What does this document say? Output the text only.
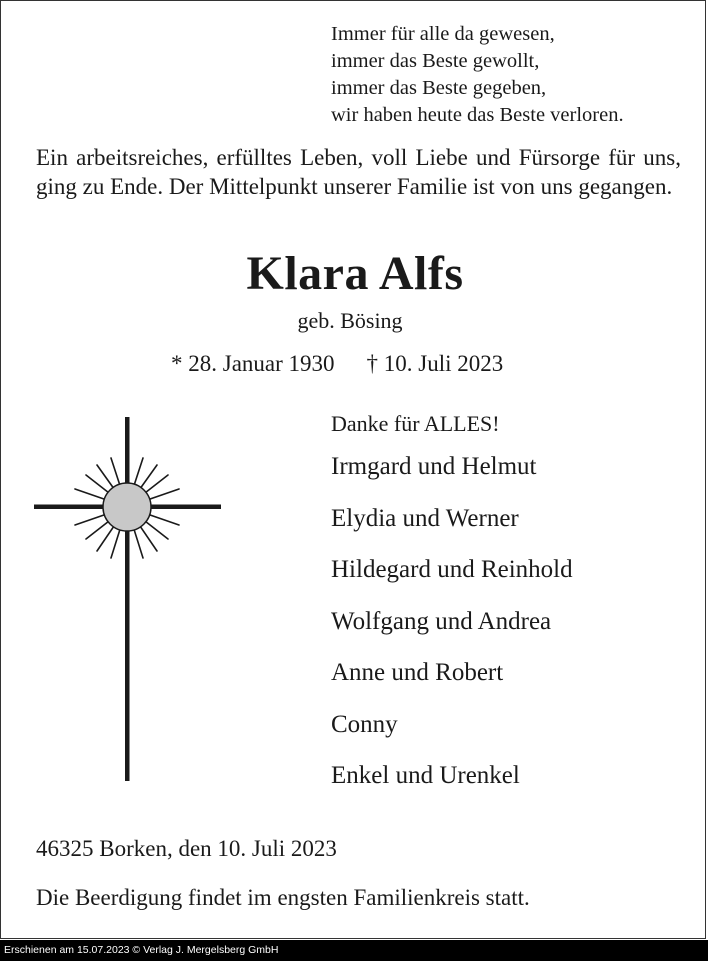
Immer für alle da gewesen,
immer das Beste gewollt,
immer das Beste gegeben,
wir haben heute das Beste verloren.
Ein arbeitsreiches, erfülltes Leben, voll Liebe und Fürsorge für uns, ging zu Ende. Der Mittelpunkt unserer Familie ist von uns gegangen.
Klara Alfs
geb. Bösing
* 28. Januar 1930 † 10. Juli 2023
Danke für ALLES!
Irmgard und Helmut
Elydia und Werner
Hildegard und Reinhold
Wolfgang und Andrea
Anne und Robert
Conny
Enkel und Urenkel
46325 Borken, den 10. Juli 2023
Die Beerdigung findet im engsten Familienkreis statt.
Erschienen am 15.07.2023 © Verlag J. Mergelsberg GmbH
